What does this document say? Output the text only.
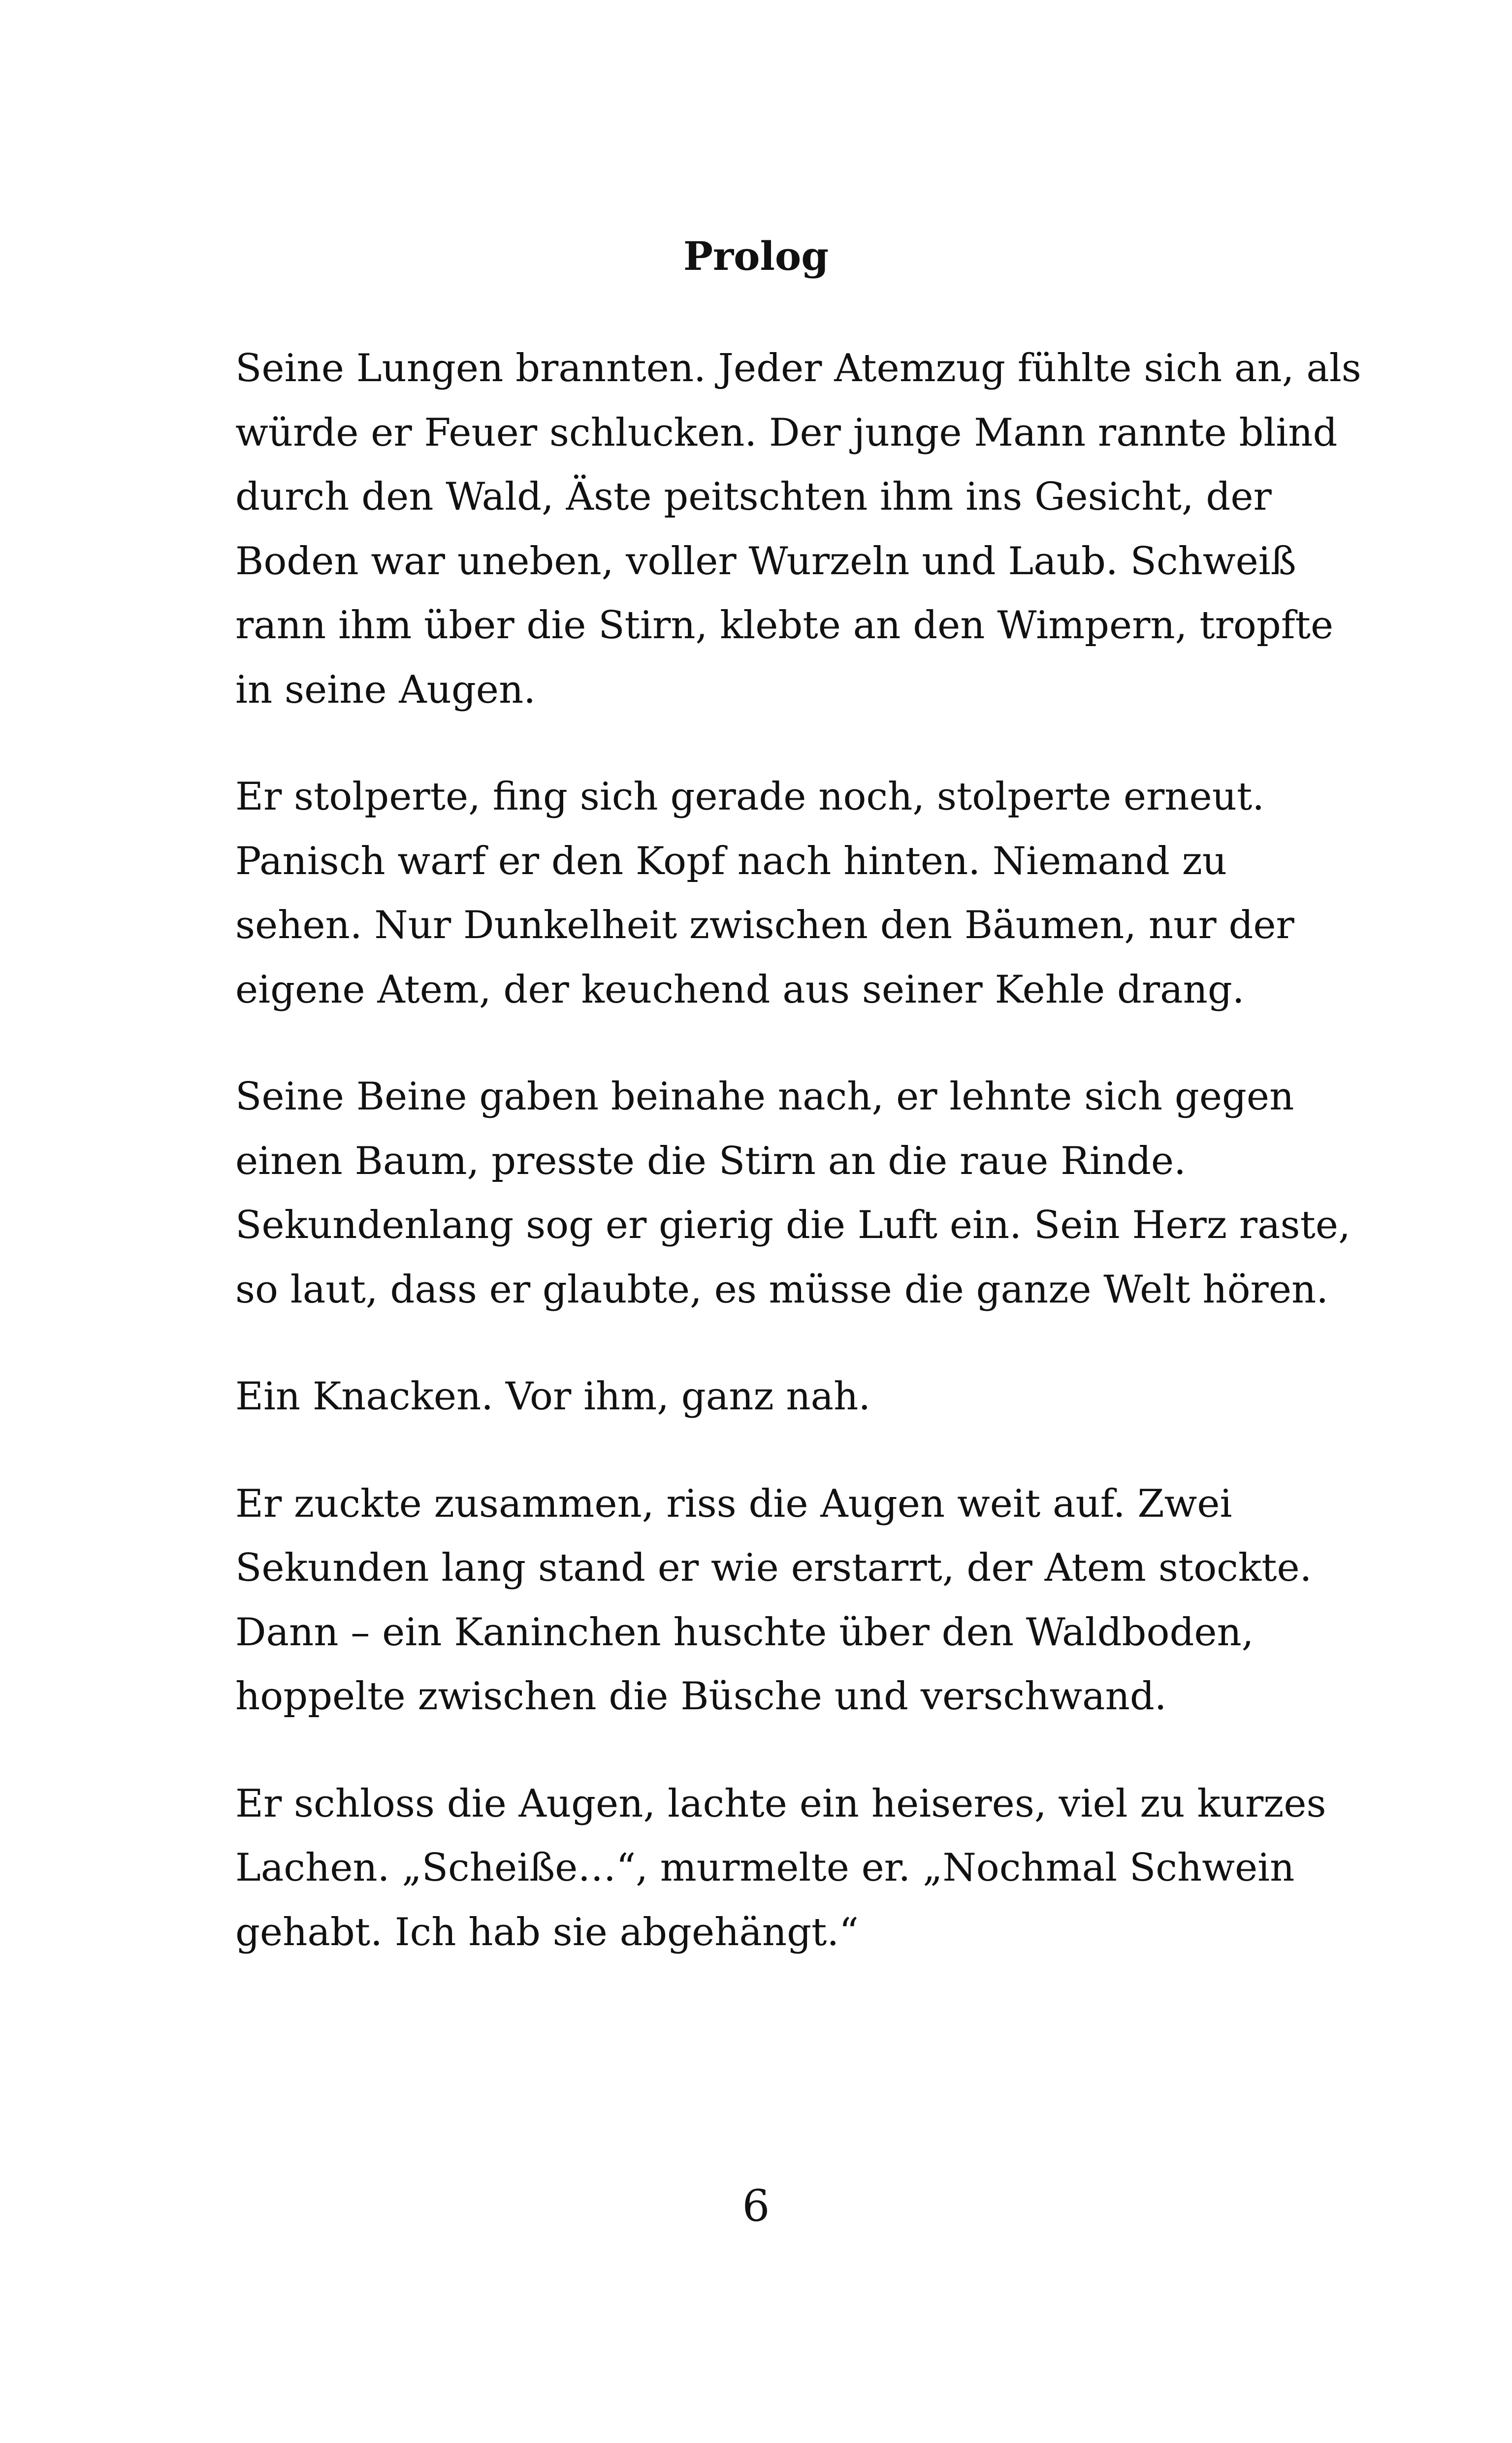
Prolog

Seine Lungen brannten. Jeder Atemzug fühlte sich an, als
würde er Feuer schlucken. Der junge Mann rannte blind
durch den Wald, Äste peitschten ihm ins Gesicht, der
Boden war uneben, voller Wurzeln und Laub. Schweiß
rann ihm über die Stirn, klebte an den Wimpern, tropfte
in seine Augen.

Er stolperte, fing sich gerade noch, stolperte erneut.
Panisch warf er den Kopf nach hinten. Niemand zu
sehen. Nur Dunkelheit zwischen den Bäumen, nur der
eigene Atem, der keuchend aus seiner Kehle drang.

Seine Beine gaben beinahe nach, er lehnte sich gegen
einen Baum, presste die Stirn an die raue Rinde.
Sekundenlang sog er gierig die Luft ein. Sein Herz raste,
so laut, dass er glaubte, es müsse die ganze Welt hören.

Ein Knacken. Vor ihm, ganz nah.

Er zuckte zusammen, riss die Augen weit auf. Zwei
Sekunden lang stand er wie erstarrt, der Atem stockte.
Dann – ein Kaninchen huschte über den Waldboden,
hoppelte zwischen die Büsche und verschwand.

Er schloss die Augen, lachte ein heiseres, viel zu kurzes
Lachen. „Scheiße…“, murmelte er. „Nochmal Schwein
gehabt. Ich hab sie abgehängt.“

6
